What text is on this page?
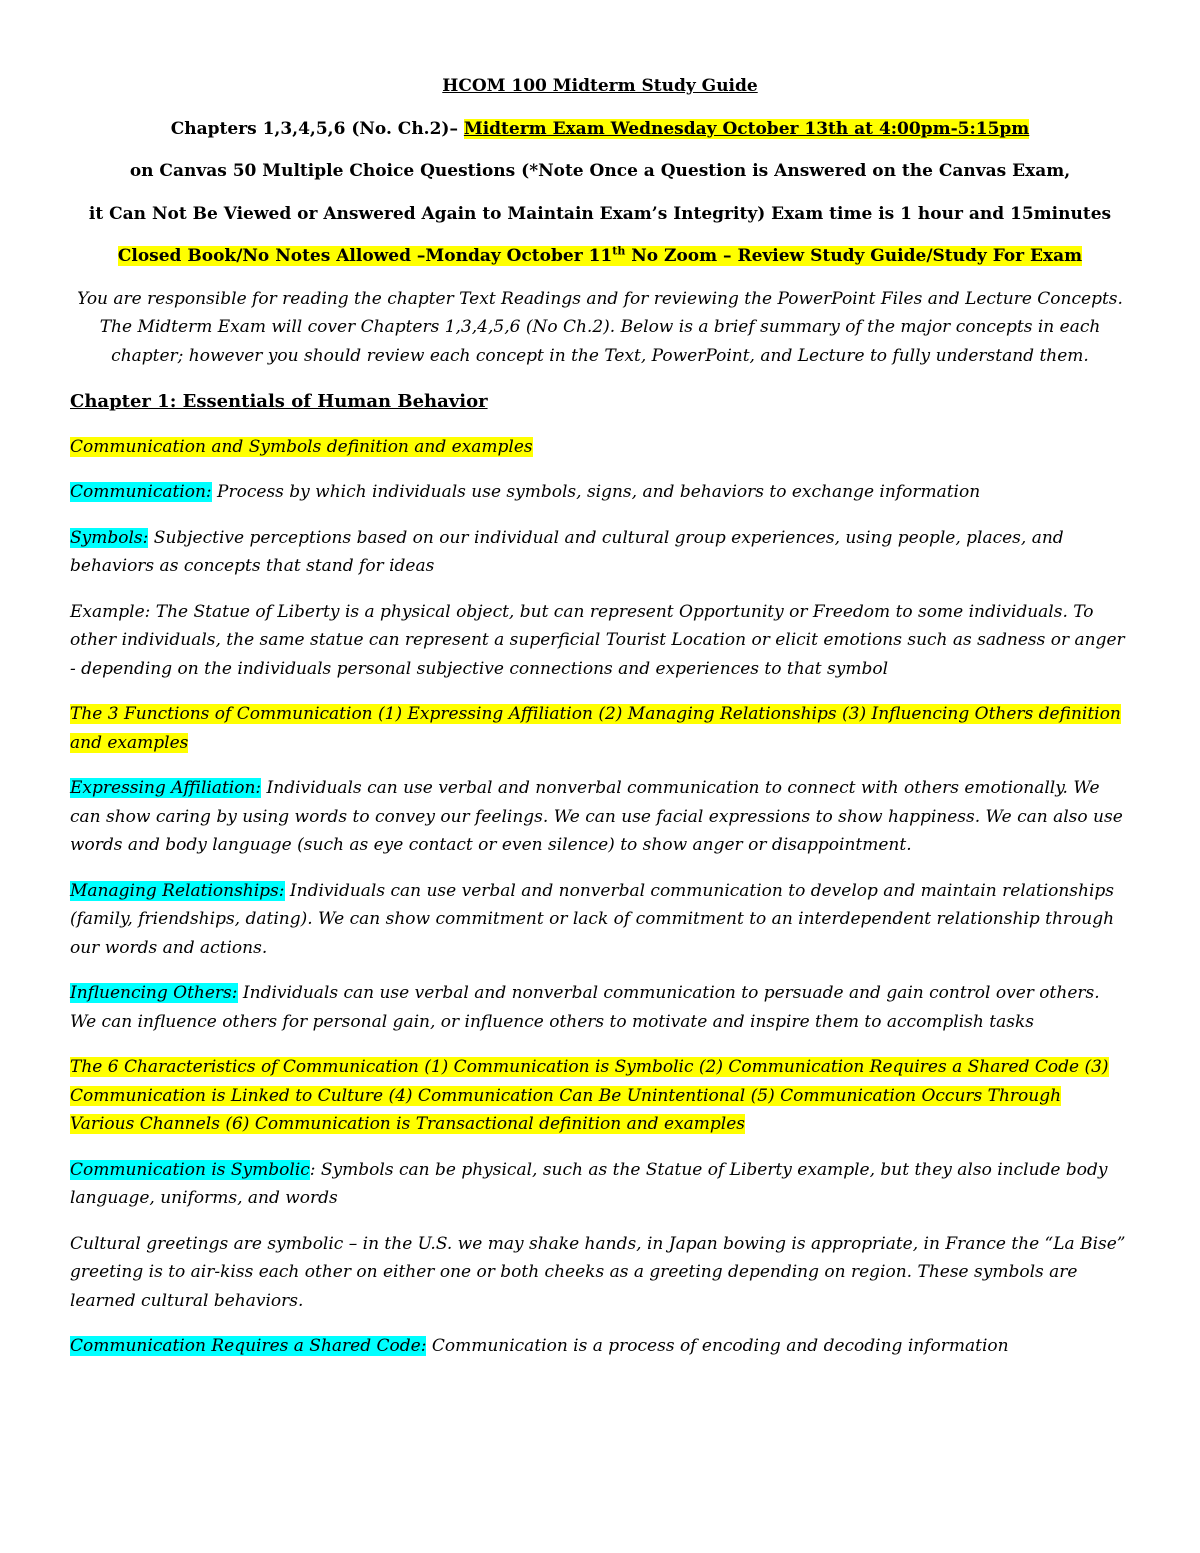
HCOM 100 Midterm Study Guide

Chapters 1,3,4,5,6 (No. Ch.2)– Midterm Exam Wednesday October 13th at 4:00pm-5:15pm

on Canvas 50 Multiple Choice Questions (*Note Once a Question is Answered on the Canvas Exam,

it Can Not Be Viewed or Answered Again to Maintain Exam’s Integrity) Exam time is 1 hour and 15minutes

Closed Book/No Notes Allowed –Monday October 11th No Zoom – Review Study Guide/Study For Exam

You are responsible for reading the chapter Text Readings and for reviewing the PowerPoint Files and Lecture Concepts. The Midterm Exam will cover Chapters 1,3,4,5,6 (No Ch.2). Below is a brief summary of the major concepts in each chapter; however you should review each concept in the Text, PowerPoint, and Lecture to fully understand them.

Chapter 1: Essentials of Human Behavior

Communication and Symbols definition and examples

Communication: Process by which individuals use symbols, signs, and behaviors to exchange information

Symbols: Subjective perceptions based on our individual and cultural group experiences, using people, places, and behaviors as concepts that stand for ideas

Example: The Statue of Liberty is a physical object, but can represent Opportunity or Freedom to some individuals. To other individuals, the same statue can represent a superficial Tourist Location or elicit emotions such as sadness or anger - depending on the individuals personal subjective connections and experiences to that symbol

The 3 Functions of Communication (1) Expressing Affiliation (2) Managing Relationships (3) Influencing Others definition and examples

Expressing Affiliation: Individuals can use verbal and nonverbal communication to connect with others emotionally. We can show caring by using words to convey our feelings. We can use facial expressions to show happiness. We can also use words and body language (such as eye contact or even silence) to show anger or disappointment.

Managing Relationships: Individuals can use verbal and nonverbal communication to develop and maintain relationships (family, friendships, dating). We can show commitment or lack of commitment to an interdependent relationship through our words and actions.

Influencing Others: Individuals can use verbal and nonverbal communication to persuade and gain control over others. We can influence others for personal gain, or influence others to motivate and inspire them to accomplish tasks

The 6 Characteristics of Communication (1) Communication is Symbolic (2) Communication Requires a Shared Code (3) Communication is Linked to Culture (4) Communication Can Be Unintentional (5) Communication Occurs Through Various Channels (6) Communication is Transactional definition and examples

Communication is Symbolic: Symbols can be physical, such as the Statue of Liberty example, but they also include body language, uniforms, and words

Cultural greetings are symbolic – in the U.S. we may shake hands, in Japan bowing is appropriate, in France the “La Bise” greeting is to air-kiss each other on either one or both cheeks as a greeting depending on region. These symbols are learned cultural behaviors.

Communication Requires a Shared Code: Communication is a process of encoding and decoding information
